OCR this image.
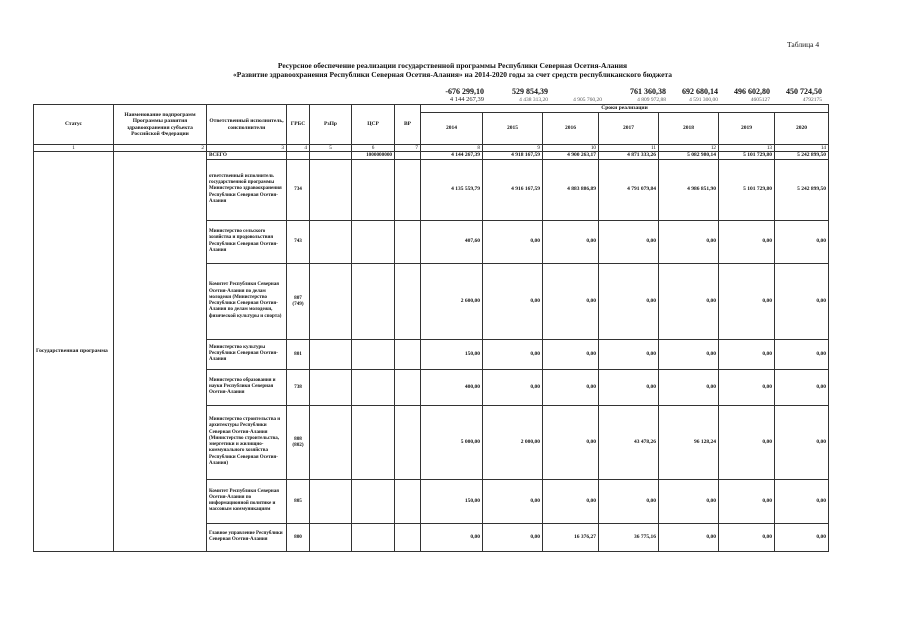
Таблица 4
Ресурсное обеспечение реализации государственной программы Республики Северная Осетия-Алания
«Развитие здравоохранения Республики Северная Осетия-Алания» на 2014-2020 годы за счет средств республиканского бюджета
-676 299,10	529 854,39	761 360,38	692 680,14	496 602,80	450 724,50
4 144 267,39	4 438 313,20	4 905 760,20	4 809 972,88	4 591 300,00	4605127	4792175
Статус	Наименование подпрограмм Программы развития здравоохранения субъекта Российской Федерации	Ответственный исполнитель, соисполнители	ГРБС	РзПр	ЦСР	ВР	Сроки реализации						
							2014	2015	2016	2017	2018	2019	2020
1	2	3	4	5	6	7	8	9	10	11	12	13	14
Государственная программа		ВСЕГО			1000000000		4 144 267,39	4 918 167,59	4 900 263,17	4 871 333,26	5 082 980,14	5 101 729,80	5 242 899,50
		ответственный исполнитель государственной программы Министерство здравоохранения Республики Северная Осетия-Алания	734				4 135 559,79	4 916 167,59	4 883 886,89	4 791 079,84	4 986 851,90	5 101 729,80	5 242 899,50
		Министерство сельского хозяйства и продовольствия Республики Северная Осетия-Алания	743				407,60	0,00	0,00	0,00	0,00	0,00	0,00
		Комитет Республики Северная Осетия-Алания по делам молодежи (Министерство Республики Северная Осетия-Алания по делам молодежи, физической культуры и спорта)	807 (749)				2 600,00	0,00	0,00	0,00	0,00	0,00	0,00
		Министерство культуры Республики Северная Осетия-Алания	801				150,00	0,00	0,00	0,00	0,00	0,00	0,00
		Министерство образования и науки Республики Северная Осетия-Алания	738				400,00	0,00	0,00	0,00	0,00	0,00	0,00
		Министерство строительства и архитектуры Республики Северная Осетия-Алания (Министерство строительства, энергетики и жилищно-коммунального хозяйства Республики Северная Осетия-Алания)	808 (802)				5 000,00	2 000,00	0,00	43 478,26	96 128,24	0,00	0,00
		Комитет Республики Северная Осетия-Алания по информационной политике и массовым коммуникациям	805				150,00	0,00	0,00	0,00	0,00	0,00	0,00
		Главное управление Республики Северная Осетия-Алания	800				0,00	0,00	16 376,27	36 775,16	0,00	0,00	0,00
